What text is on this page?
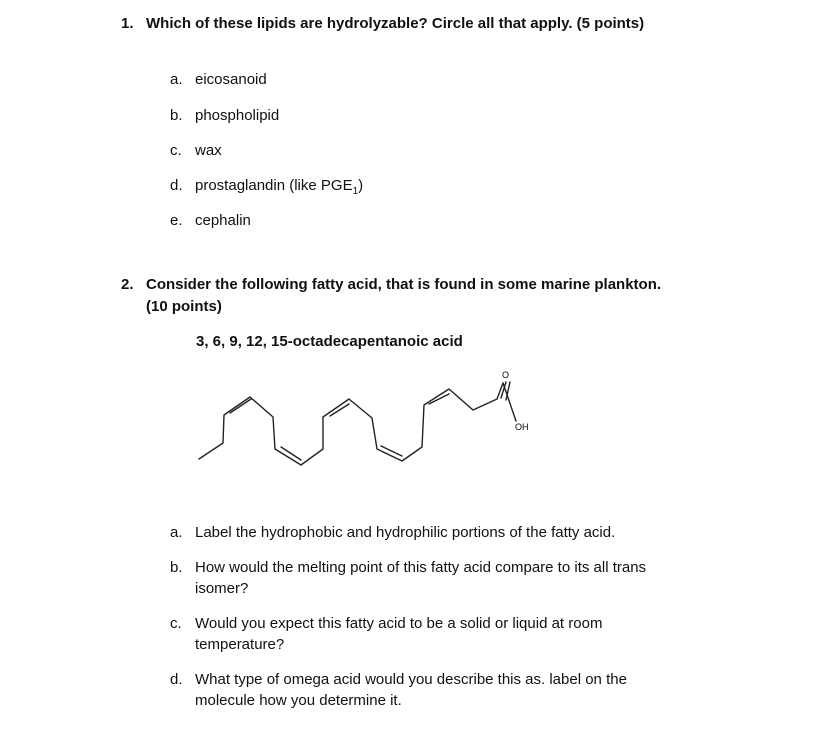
1. Which of these lipids are hydrolyzable? Circle all that apply. (5 points)
a. eicosanoid
b. phospholipid
c. wax
d. prostaglandin (like $PGE_1$)
e. cephalin
2. Consider the following fatty acid, that is found in some marine plankton.
(10 points)
3, 6, 9, 12, 15-octadecapentanoic acid
O
OH
a. Label the hydrophobic and hydrophilic portions of the fatty acid.
b. How would the melting point of this fatty acid compare to its all trans
isomer?
c. Would you expect this fatty acid to be a solid or liquid at room
temperature?
d. What type of omega acid would you describe this as. label on the
molecule how you determine it.
